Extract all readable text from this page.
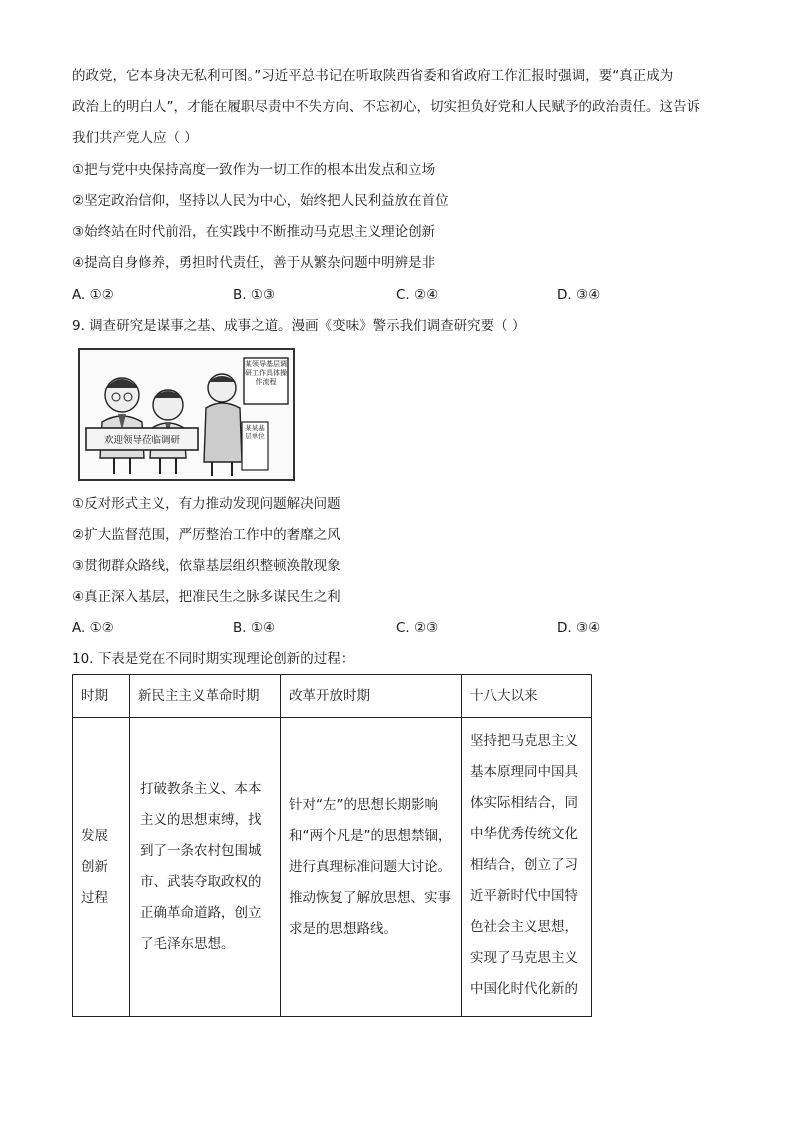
的政党，它本身决无私利可图。”习近平总书记在听取陕西省委和省政府工作汇报时强调，要“真正成为
政治上的明白人”，才能在履职尽责中不失方向、不忘初心，切实担负好党和人民赋予的政治责任。这告诉
我们共产党人应（ ）
①把与党中央保持高度一致作为一切工作的根本出发点和立场
②坚定政治信仰，坚持以人民为中心，始终把人民利益放在首位
③始终站在时代前沿，在实践中不断推动马克思主义理论创新
④提高自身修养，勇担时代责任，善于从繁杂问题中明辨是非
A. ①②	B. ①③	C. ②④	D. ③④
9. 调查研究是谋事之基、成事之道。漫画《变味》警示我们调查研究要（ ）
欢迎领导莅临调研
某领导基层调研工作具体操作流程
某某基层单位
①反对形式主义，有力推动发现问题解决问题
②扩大监督范围，严厉整治工作中的奢靡之风
③贯彻群众路线，依靠基层组织整顿涣散现象
④真正深入基层，把准民生之脉多谋民生之利
A. ①②	B. ①④	C. ②③	D. ③④
10. 下表是党在不同时期实现理论创新的过程：
时期	新民主主义革命时期	改革开放时期	十八大以来
发展创新过程	打破教条主义、本本主义的思想束缚，找到了一条农村包围城市、武装夺取政权的正确革命道路，创立了毛泽东思想。	针对“左”的思想长期影响和“两个凡是”的思想禁锢，进行真理标准问题大讨论。推动恢复了解放思想、实事求是的思想路线。	坚持把马克思主义基本原理同中国具体实际相结合，同中华优秀传统文化相结合，创立了习近平新时代中国特色社会主义思想，实现了马克思主义中国化时代化新的
